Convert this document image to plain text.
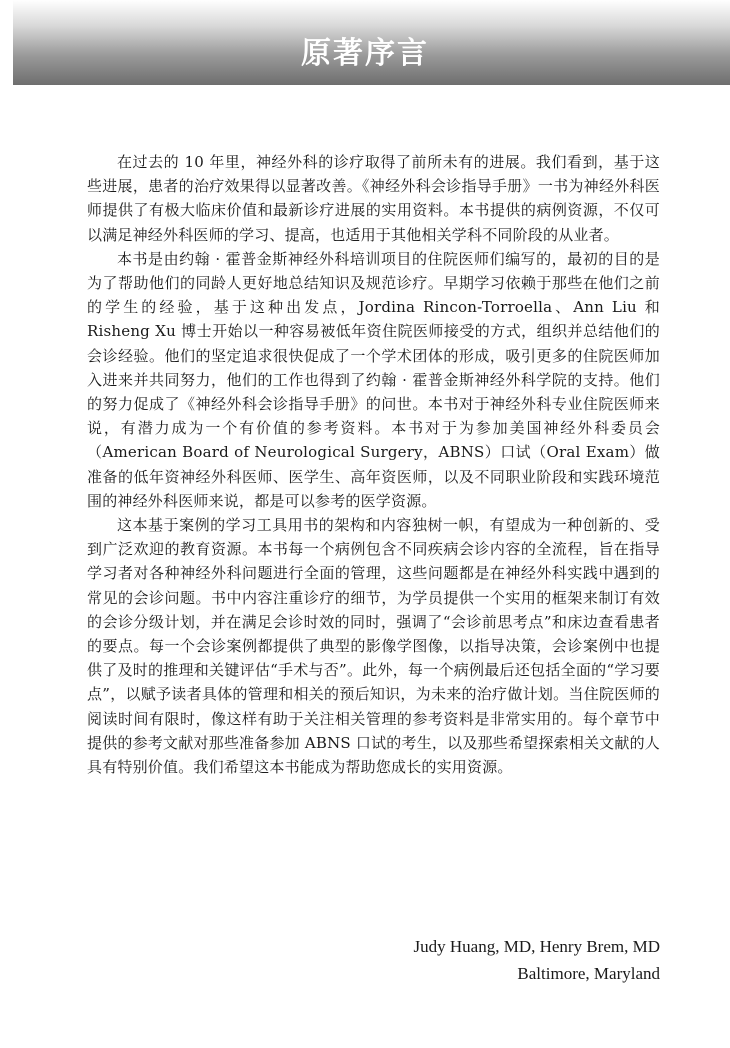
原著序言

在过去的 10 年里，神经外科的诊疗取得了前所未有的进展。我们看到，基于这些进展，患者的治疗效果得以显著改善。《神经外科会诊指导手册》一书为神经外科医师提供了有极大临床价值和最新诊疗进展的实用资料。本书提供的病例资源，不仅可以满足神经外科医师的学习、提高，也适用于其他相关学科不同阶段的从业者。

本书是由约翰 · 霍普金斯神经外科培训项目的住院医师们编写的，最初的目的是为了帮助他们的同龄人更好地总结知识及规范诊疗。早期学习依赖于那些在他们之前的学生的经验，基于这种出发点，Jordina Rincon-Torroella、Ann Liu 和 Risheng Xu 博士开始以一种容易被低年资住院医师接受的方式，组织并总结他们的会诊经验。他们的坚定追求很快促成了一个学术团体的形成，吸引更多的住院医师加入进来并共同努力，他们的工作也得到了约翰 · 霍普金斯神经外科学院的支持。他们的努力促成了《神经外科会诊指导手册》的问世。本书对于神经外科专业住院医师来说，有潜力成为一个有价值的参考资料。本书对于为参加美国神经外科委员会（American Board of Neurological Surgery，ABNS）口试（Oral Exam）做准备的低年资神经外科医师、医学生、高年资医师，以及不同职业阶段和实践环境范围的神经外科医师来说，都是可以参考的医学资源。

这本基于案例的学习工具用书的架构和内容独树一帜，有望成为一种创新的、受到广泛欢迎的教育资源。本书每一个病例包含不同疾病会诊内容的全流程，旨在指导学习者对各种神经外科问题进行全面的管理，这些问题都是在神经外科实践中遇到的常见的会诊问题。书中内容注重诊疗的细节，为学员提供一个实用的框架来制订有效的会诊分级计划，并在满足会诊时效的同时，强调了“会诊前思考点”和床边查看患者的要点。每一个会诊案例都提供了典型的影像学图像，以指导决策，会诊案例中也提供了及时的推理和关键评估“手术与否”。此外，每一个病例最后还包括全面的“学习要点”，以赋予读者具体的管理和相关的预后知识，为未来的治疗做计划。当住院医师的阅读时间有限时，像这样有助于关注相关管理的参考资料是非常实用的。每个章节中提供的参考文献对那些准备参加 ABNS 口试的考生，以及那些希望探索相关文献的人具有特别价值。我们希望这本书能成为帮助您成长的实用资源。

Judy Huang, MD, Henry Brem, MD
Baltimore, Maryland
